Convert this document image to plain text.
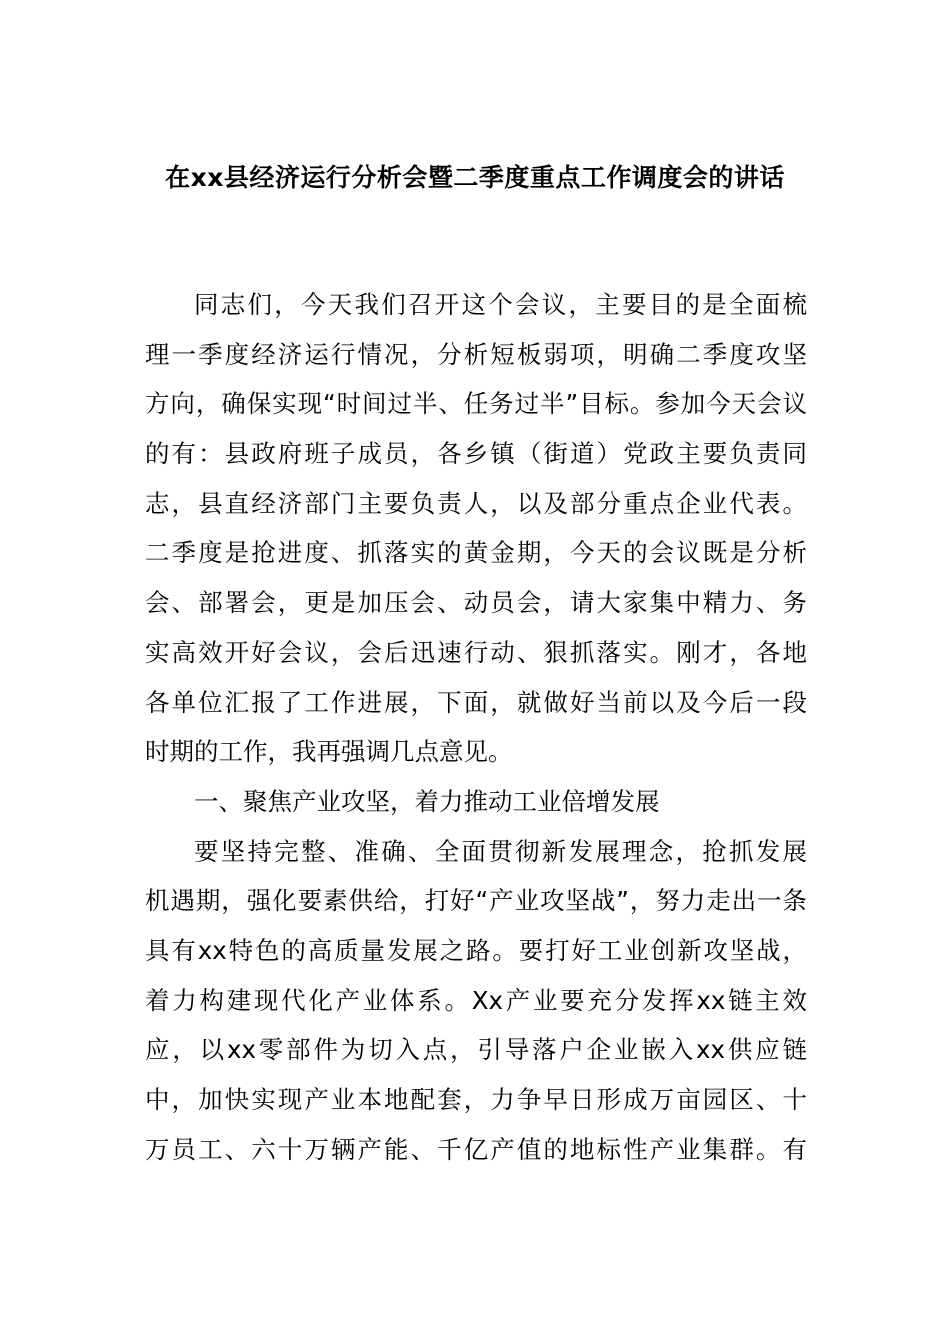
在xx县经济运行分析会暨二季度重点工作调度会的讲话
同志们，今天我们召开这个会议，主要目的是全面梳
理一季度经济运行情况，分析短板弱项，明确二季度攻坚
方向，确保实现“时间过半、任务过半”目标。参加今天会议
的有：县政府班子成员，各乡镇（街道）党政主要负责同
志，县直经济部门主要负责人，以及部分重点企业代表。
二季度是抢进度、抓落实的黄金期，今天的会议既是分析
会、部署会，更是加压会、动员会，请大家集中精力、务
实高效开好会议，会后迅速行动、狠抓落实。刚才，各地
各单位汇报了工作进展，下面，就做好当前以及今后一段
时期的工作，我再强调几点意见。
一、聚焦产业攻坚，着力推动工业倍增发展
要坚持完整、准确、全面贯彻新发展理念，抢抓发展
机遇期，强化要素供给，打好“产业攻坚战”，努力走出一条
具有xx特色的高质量发展之路。要打好工业创新攻坚战，
着力构建现代化产业体系。Xx产业要充分发挥xx链主效
应，以xx零部件为切入点，引导落户企业嵌入xx供应链
中，加快实现产业本地配套，力争早日形成万亩园区、十
万员工、六十万辆产能、千亿产值的地标性产业集群。有
